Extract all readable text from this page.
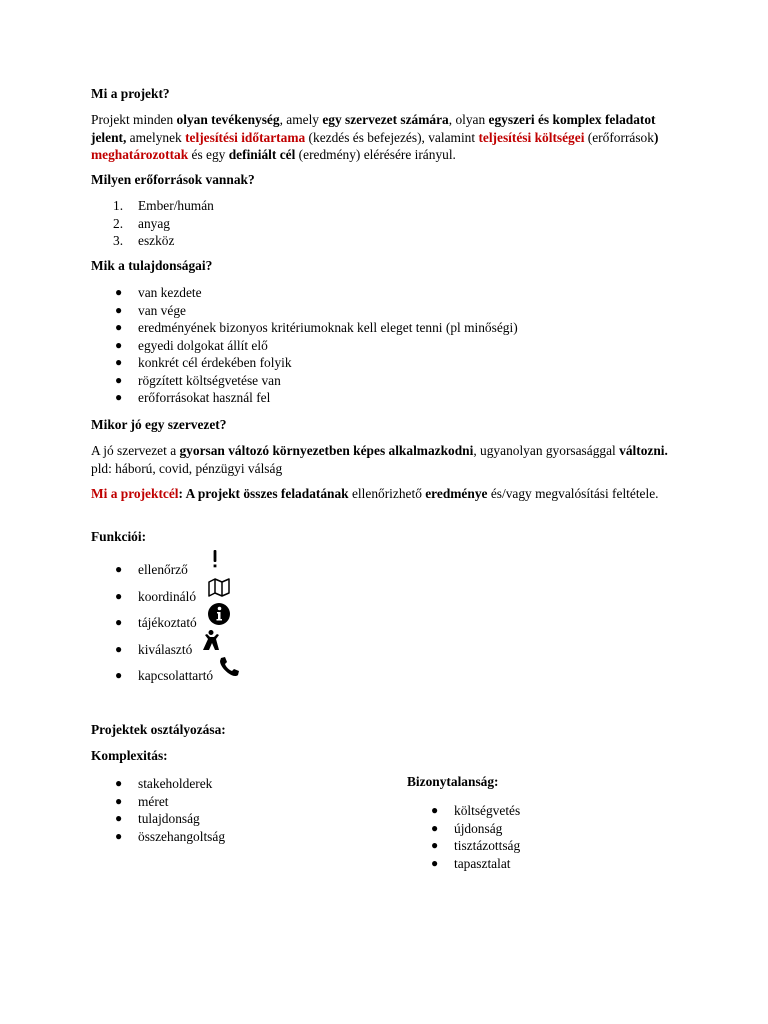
Mi a projekt?

Projekt minden olyan tevékenység, amely egy szervezet számára, olyan egyszeri és komplex feladatot jelent, amelynek teljesítési időtartama (kezdés és befejezés), valamint teljesítési költségei (erőforrások) meghatározottak és egy definiált cél (eredmény) elérésére irányul.

Milyen erőforrások vannak?

1. Ember/humán
2. anyag
3. eszköz

Mik a tulajdonságai?

● van kezdete
● van vége
● eredményének bizonyos kritériumoknak kell eleget tenni (pl minőségi)
● egyedi dolgokat állít elő
● konkrét cél érdekében folyik
● rögzített költségvetése van
● erőforrásokat használ fel

Mikor jó egy szervezet?

A jó szervezet a gyorsan változó környezetben képes alkalmazkodni, ugyanolyan gyorsasággal változni. pld: háború, covid, pénzügyi válság

Mi a projektcél: A projekt összes feladatának ellenőrizhető eredménye és/vagy megvalósítási feltétele.

Funkciói:

● ellenőrző
● koordináló
● tájékoztató
● kiválasztó
● kapcsolattartó

Projektek osztályozása:

Komplexitás:

● stakeholderek
● méret
● tulajdonság
● összehangoltság

Bizonytalanság:

● költségvetés
● újdonság
● tisztázottság
● tapasztalat
